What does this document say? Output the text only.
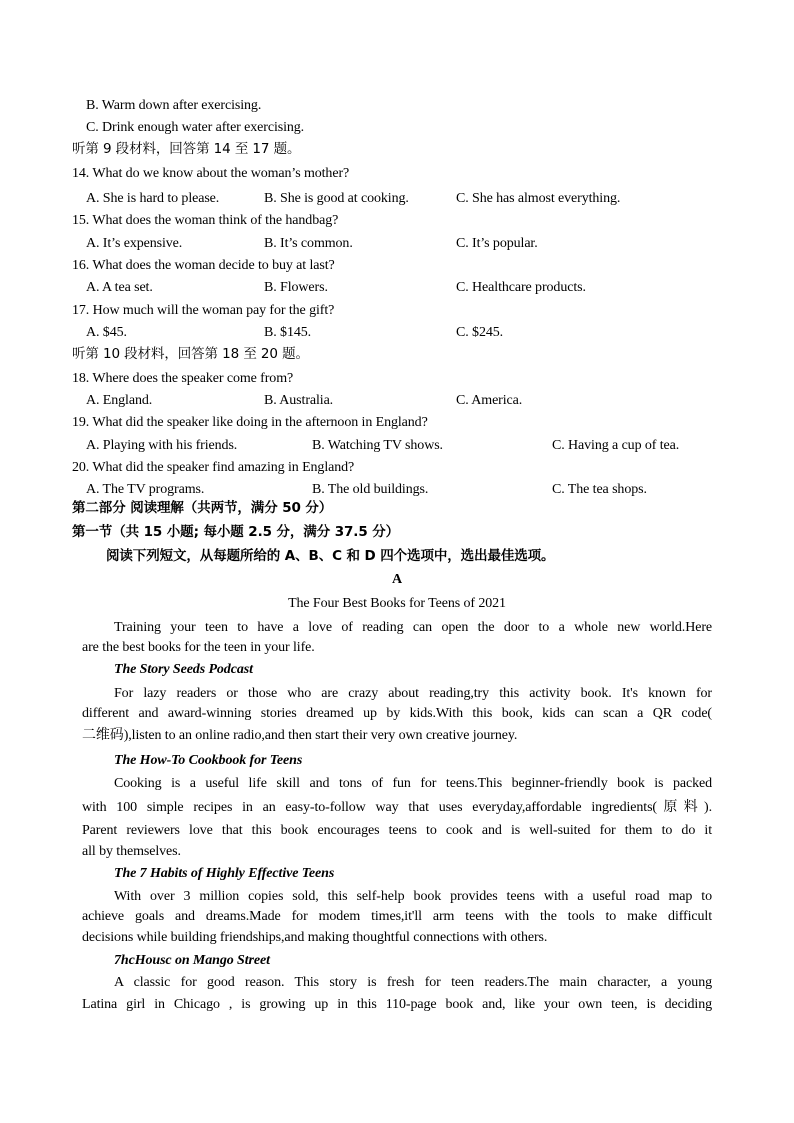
B. Warm down after exercising.
C. Drink enough water after exercising.
听第 9 段材料，回答第 14 至 17 题。
14. What do we know about the woman’s mother?
A. She is hard to please.	B. She is good at cooking.	C. She has almost everything.
15. What does the woman think of the handbag?
A. It’s expensive.	B. It’s common.	C. It’s popular.
16. What does the woman decide to buy at last?
A. A tea set.	B. Flowers.	C. Healthcare products.
17. How much will the woman pay for the gift?
A. $45.	B. $145.	C. $245.
听第 10 段材料，回答第 18 至 20 题。
18. Where does the speaker come from?
A. England.	B. Australia.	C. America.
19. What did the speaker like doing in the afternoon in England?
A. Playing with his friends.	B. Watching TV shows.	C. Having a cup of tea.
20. What did the speaker find amazing in England?
A. The TV programs.	B. The old buildings.	C. The tea shops.
第二部分 阅读理解（共两节，满分 50 分）
第一节（共 15 小题; 每小题 2.5 分，满分 37.5 分）
阅读下列短文，从每题所给的 A、B、C 和 D 四个选项中，选出最佳选项。
A
The Four Best Books for Teens of 2021
Training your teen to have a love of reading can open the door to a whole new world.Here
are the best books for the teen in your life.
The Story Seeds Podcast
For lazy readers or those who are crazy about reading,try this activity book. It's known for
different and award-winning stories dreamed up by kids.With this book, kids can scan a QR code(
二维码),listen to an online radio,and then start their very own creative journey.
The How-To Cookbook for Teens
Cooking is a useful life skill and tons of fun for teens.This beginner-friendly book is packed
with 100 simple recipes in an easy-to-follow way that uses everyday,affordable ingredients(原料).
Parent reviewers love that this book encourages teens to cook and is well-suited for them to do it
all by themselves.
The 7 Habits of Highly Effective Teens
With over 3 million copies sold, this self-help book provides teens with a useful road map to
achieve goals and dreams.Made for modem times,it'll arm teens with the tools to make difficult
decisions while building friendships,and making thoughtful connections with others.
7hcHousc on Mango Street
A classic for good reason. This story is fresh for teen readers.The main character, a young
Latina girl in Chicago , is growing up in this 110-page book and, like your own teen, is deciding
